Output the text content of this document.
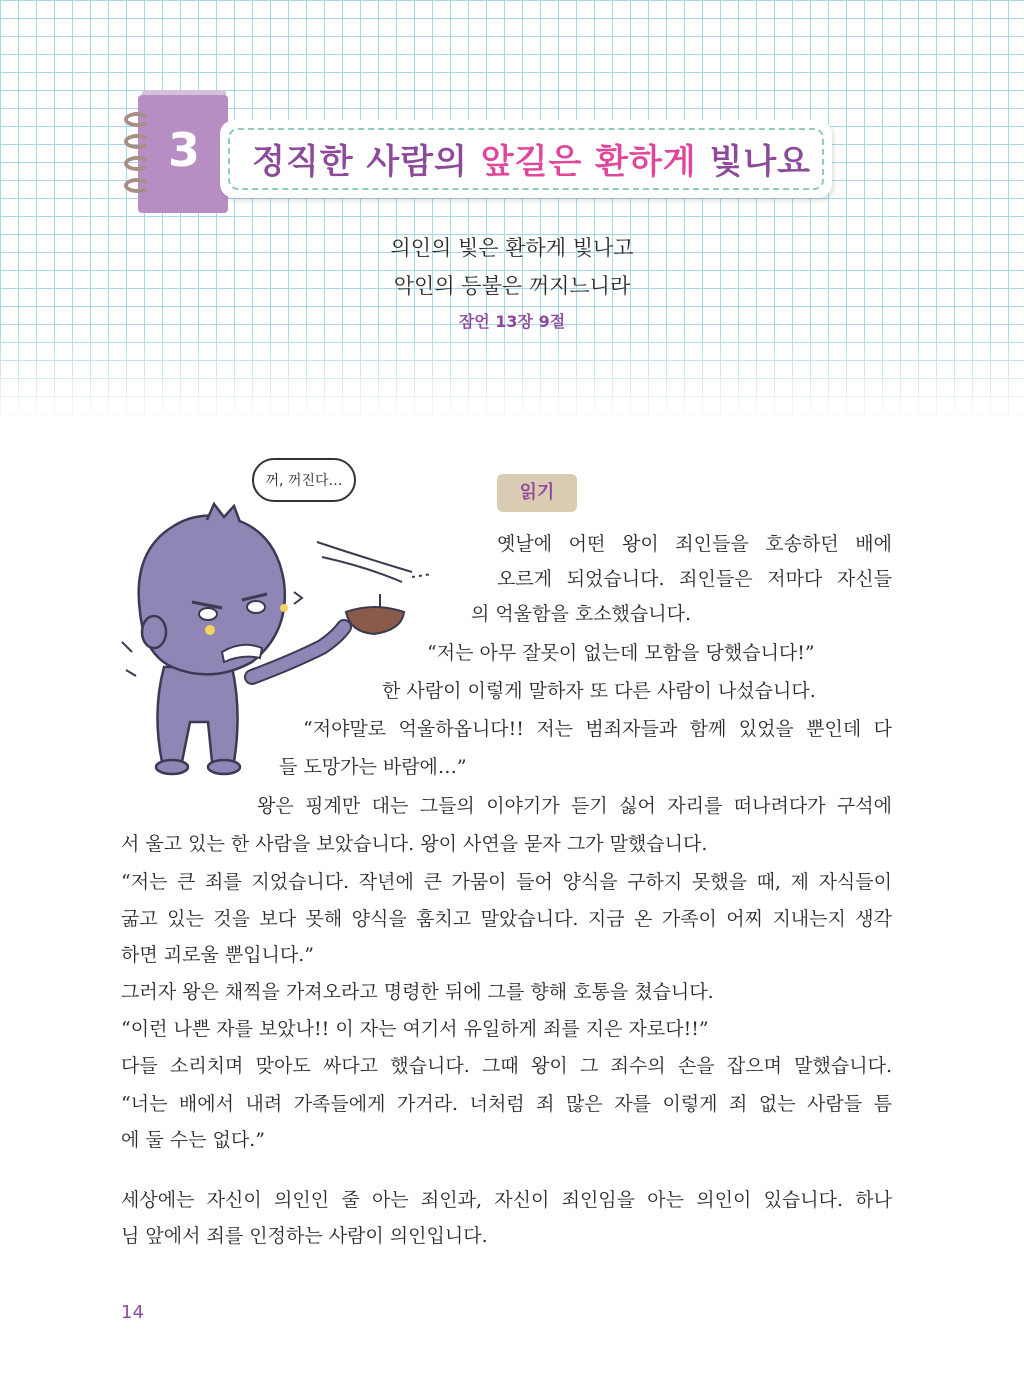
3 정직한 사람의 앞길은 환하게 빛나요
의인의 빛은 환하게 빛나고
악인의 등불은 꺼지느니라
잠언 13장 9절
꺼, 꺼진다…
읽기
옛날에 어떤 왕이 죄인들을 호송하던 배에
오르게 되었습니다. 죄인들은 저마다 자신들
의 억울함을 호소했습니다.
“저는 아무 잘못이 없는데 모함을 당했습니다!”
한 사람이 이렇게 말하자 또 다른 사람이 나섰습니다.
“저야말로 억울하옵니다!! 저는 범죄자들과 함께 있었을 뿐인데 다
들 도망가는 바람에…”
왕은 핑계만 대는 그들의 이야기가 듣기 싫어 자리를 떠나려다가 구석에
서 울고 있는 한 사람을 보았습니다. 왕이 사연을 묻자 그가 말했습니다.
“저는 큰 죄를 지었습니다. 작년에 큰 가뭄이 들어 양식을 구하지 못했을 때, 제 자식들이
굶고 있는 것을 보다 못해 양식을 훔치고 말았습니다. 지금 온 가족이 어찌 지내는지 생각
하면 괴로울 뿐입니다.”
그러자 왕은 채찍을 가져오라고 명령한 뒤에 그를 향해 호통을 쳤습니다.
“이런 나쁜 자를 보았나!! 이 자는 여기서 유일하게 죄를 지은 자로다!!”
다들 소리치며 맞아도 싸다고 했습니다. 그때 왕이 그 죄수의 손을 잡으며 말했습니다.
“너는 배에서 내려 가족들에게 가거라. 너처럼 죄 많은 자를 이렇게 죄 없는 사람들 틈
에 둘 수는 없다.”
세상에는 자신이 의인인 줄 아는 죄인과, 자신이 죄인임을 아는 의인이 있습니다. 하나
님 앞에서 죄를 인정하는 사람이 의인입니다.
14
